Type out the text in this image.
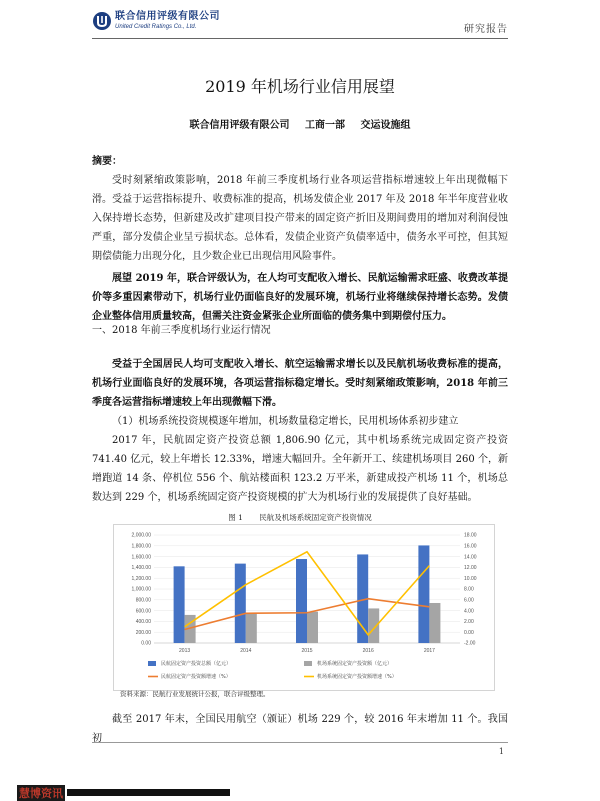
联合信用评级有限公司
United Credit Ratings Co., Ltd.	研究报告
2019 年机场行业信用展望
联合信用评级有限公司 工商一部 交运设施组

摘要：

受时刻紧缩政策影响，2018 年前三季度机场行业各项运营指标增速较上年出现微幅下滑。受益于运营指标提升、收费标准的提高，机场发债企业 2017 年及 2018 年半年度营业收入保持增长态势，但新建及改扩建项目投产带来的固定资产折旧及期间费用的增加对利润侵蚀严重，部分发债企业呈亏损状态。总体看，发债企业资产负债率适中，债务水平可控，但其短期偿债能力出现分化，且少数企业已出现信用风险事件。

展望 2019 年，联合评级认为，在人均可支配收入增长、民航运输需求旺盛、收费改革提价等多重因素带动下，机场行业仍面临良好的发展环境，机场行业将继续保持增长态势。发债企业整体信用质量较高，但需关注资金紧张企业所面临的债务集中到期偿付压力。

一、2018 年前三季度机场行业运行情况

受益于全国居民人均可支配收入增长、航空运输需求增长以及民航机场收费标准的提高，机场行业面临良好的发展环境，各项运营指标稳定增长。受时刻紧缩政策影响，2018 年前三季度各运营指标增速较上年出现微幅下滑。

（1）机场系统投资规模逐年增加，机场数量稳定增长，民用机场体系初步建立

2017 年，民航固定资产投资总额 1,806.90 亿元，其中机场系统完成固定资产投资 741.40 亿元，较上年增长 12.33%，增速大幅回升。全年新开工、续建机场项目 260 个，新增跑道 14 条、停机位 556 个、航站楼面积 123.2 万平米，新建成投产机场 11 个，机场总数达到 229 个，机场系统固定资产投资规模的扩大为机场行业的发展提供了良好基础。

图 1 民航及机场系统固定资产投资情况
0.00
200.00
400.00
600.00
800.00
1,000.00
1,200.00
1,400.00
1,600.00
1,800.00
2,000.00
-2.00
0.00
2.00
4.00
6.00
8.00
10.00
12.00
14.00
16.00
18.00
2013	2014	2015	2016	2017
民航固定资产投资总额（亿元）	机场系统固定资产投资额（亿元）
民航固定资产投资额增速（%）	机场系统固定资产投资额增速（%）
资料来源：民航行业发展统计公报，联合评级整理。

截至 2017 年末，全国民用航空（颁证）机场 229 个，较 2016 年末增加 11 个。我国初

1
慧博资讯
